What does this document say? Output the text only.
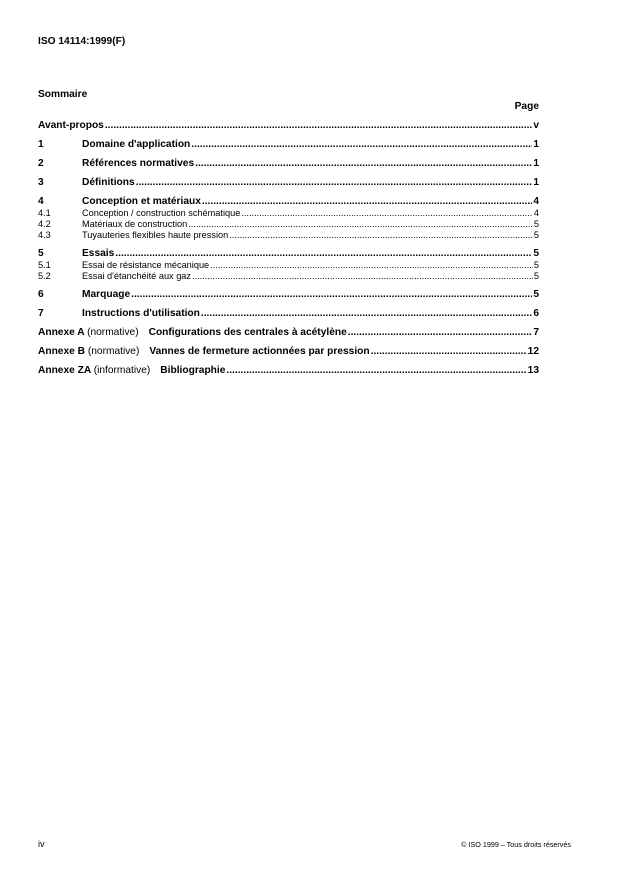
ISO 14114:1999(F)
Sommaire
Page
Avant-propos .....	v
1	Domaine d'application .....	1
2	Références normatives .....	1
3	Définitions .....	1
4	Conception et matériaux .....	4
4.1	Conception / construction schématique .....	4
4.2	Matériaux de construction .....	5
4.3	Tuyauteries flexibles haute pression .....	5
5	Essais .....	5
5.1	Essai de résistance mécanique .....	5
5.2	Essai d'étanchéité aux gaz .....	5
6	Marquage .....	5
7	Instructions d'utilisation .....	6
Annexe A (normative) Configurations des centrales à acétylène .....	7
Annexe B (normative) Vannes de fermeture actionnées par pression .....	12
Annexe ZA (informative) Bibliographie .....	13
iv	© ISO 1999 – Tous droits réservés
